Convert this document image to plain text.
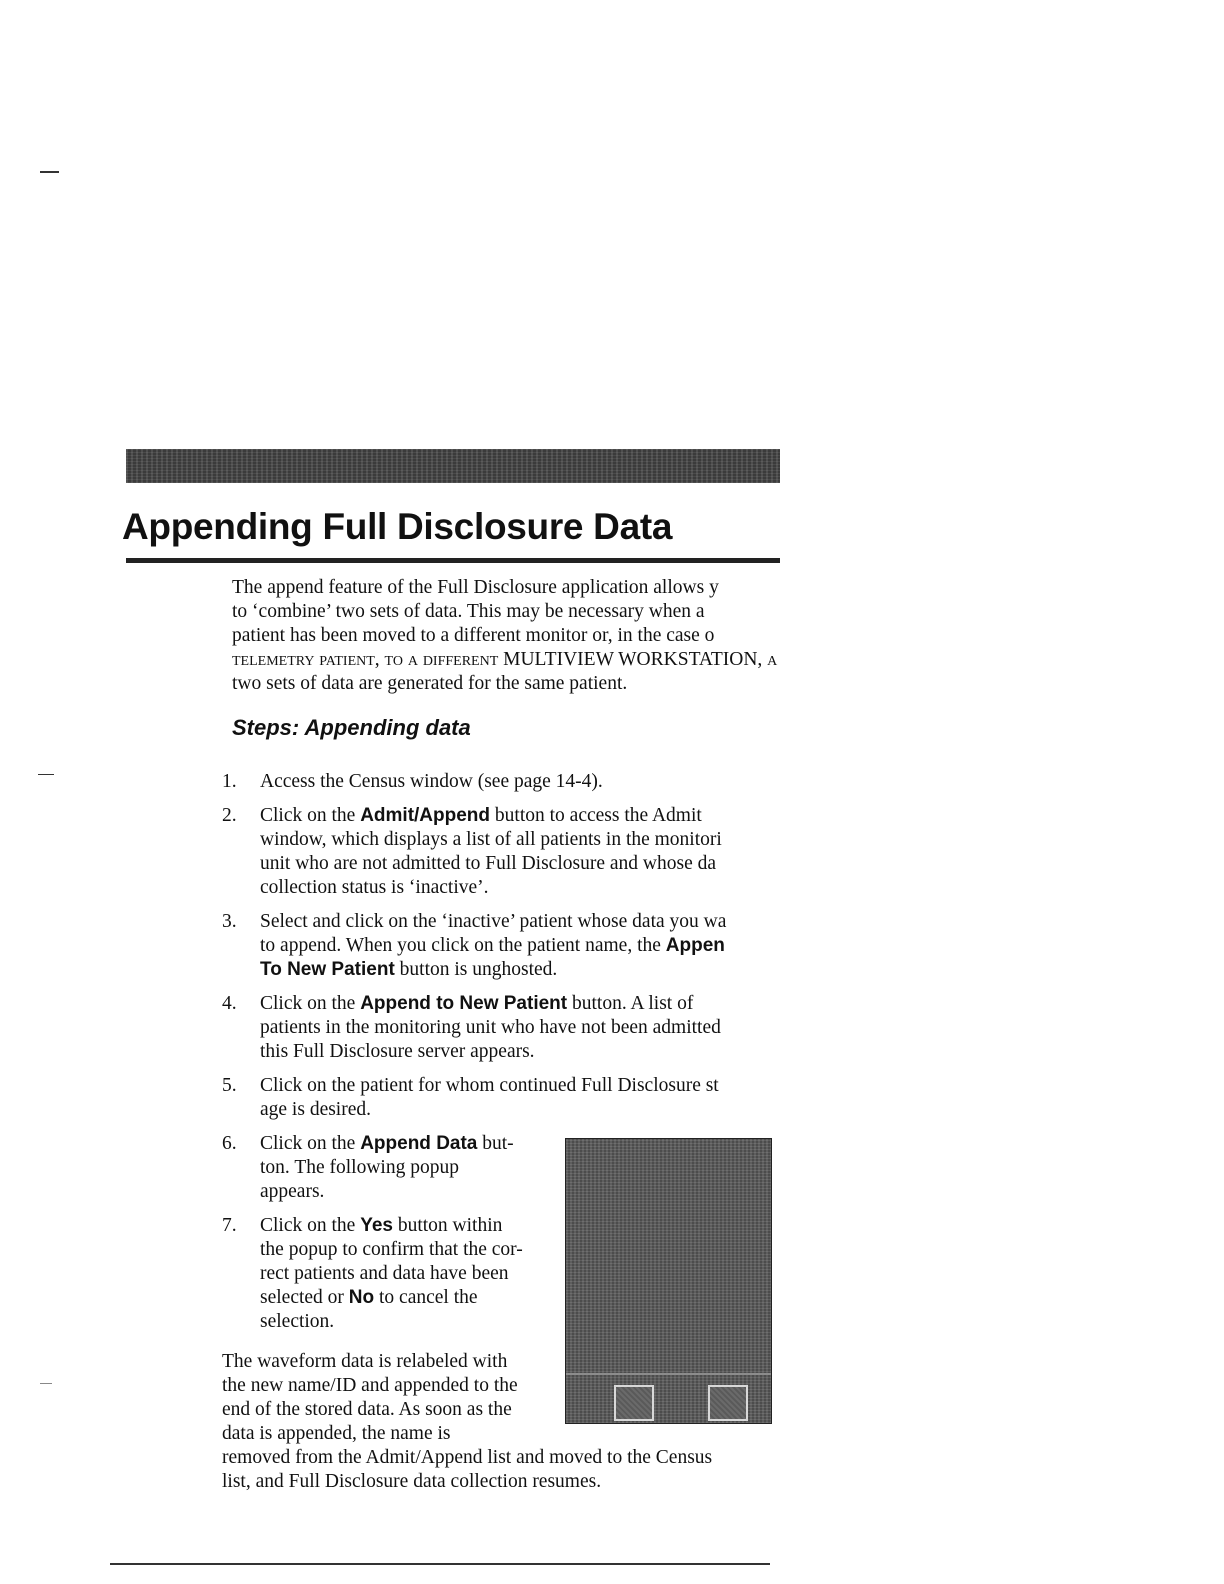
Appending Full Disclosure Data
The append feature of the Full Disclosure application allows y
to ‘combine’ two sets of data. This may be necessary when a
patient has been moved to a different monitor or, in the case o
telemetry patient, to a different MULTIVIEW WORKSTATION, a
two sets of data are generated for the same patient.
Steps: Appending data
1. Access the Census window (see page 14-4).
2. Click on the Admit/Append button to access the Admit
window, which displays a list of all patients in the monitori
unit who are not admitted to Full Disclosure and whose da
collection status is ‘inactive’.
3. Select and click on the ‘inactive’ patient whose data you wa
to append. When you click on the patient name, the Appen
To New Patient button is unghosted.
4. Click on the Append to New Patient button. A list of
patients in the monitoring unit who have not been admitted
this Full Disclosure server appears.
5. Click on the patient for whom continued Full Disclosure st
age is desired.
6. Click on the Append Data but-
ton. The following popup
appears.
7. Click on the Yes button within
the popup to confirm that the cor-
rect patients and data have been
selected or No to cancel the
selection.
The waveform data is relabeled with
the new name/ID and appended to the
end of the stored data. As soon as the
data is appended, the name is
removed from the Admit/Append list and moved to the Census
list, and Full Disclosure data collection resumes.
